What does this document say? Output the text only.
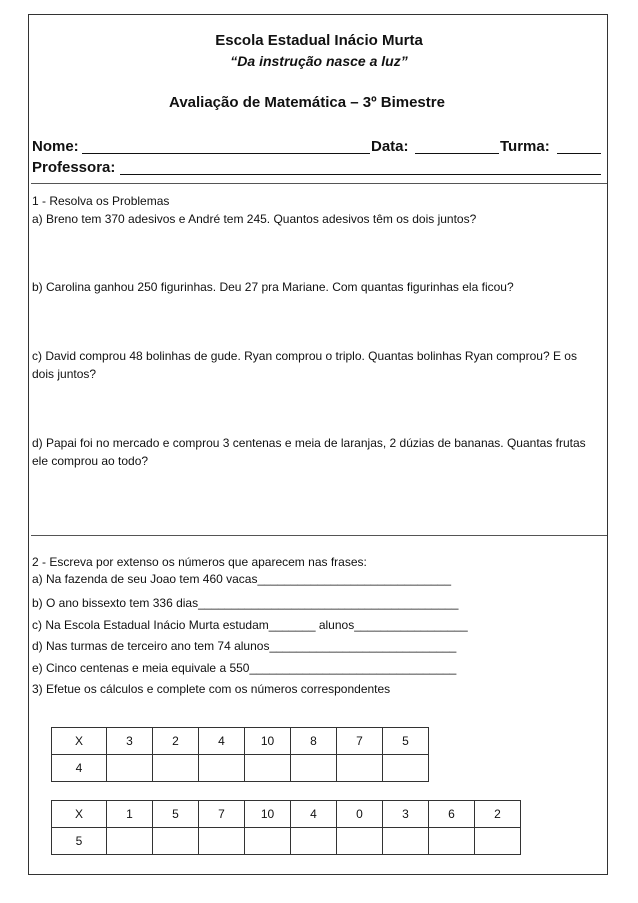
Escola Estadual Inácio Murta
“Da instrução nasce a luz”
Avaliação de Matemática – 3º Bimestre
Nome:	Data:	Turma:
Professora:
1 - Resolva os Problemas
a) Breno tem 370 adesivos e André tem 245. Quantos adesivos têm os dois juntos?
b) Carolina ganhou 250 figurinhas. Deu 27 pra Mariane. Com quantas figurinhas ela ficou?
c) David comprou 48 bolinhas de gude. Ryan comprou o triplo. Quantas bolinhas Ryan comprou? E os dois juntos?
d) Papai foi no mercado e comprou 3 centenas e meia de laranjas, 2 dúzias de bananas. Quantas frutas ele comprou ao todo?
2 - Escreva por extenso os números que aparecem nas frases:
a) Na fazenda de seu Joao tem 460 vacas_____________________________
b) O ano bissexto tem 336 dias_______________________________________
c) Na Escola Estadual Inácio Murta estudam_______ alunos_________________
d) Nas turmas de terceiro ano tem 74 alunos____________________________
e) Cinco centenas e meia equivale a 550_______________________________
3) Efetue os cálculos e complete com os números correspondentes
X	3	2	4	10	8	7	5
4							
X	1	5	7	10	4	0	3	6	2
5									
